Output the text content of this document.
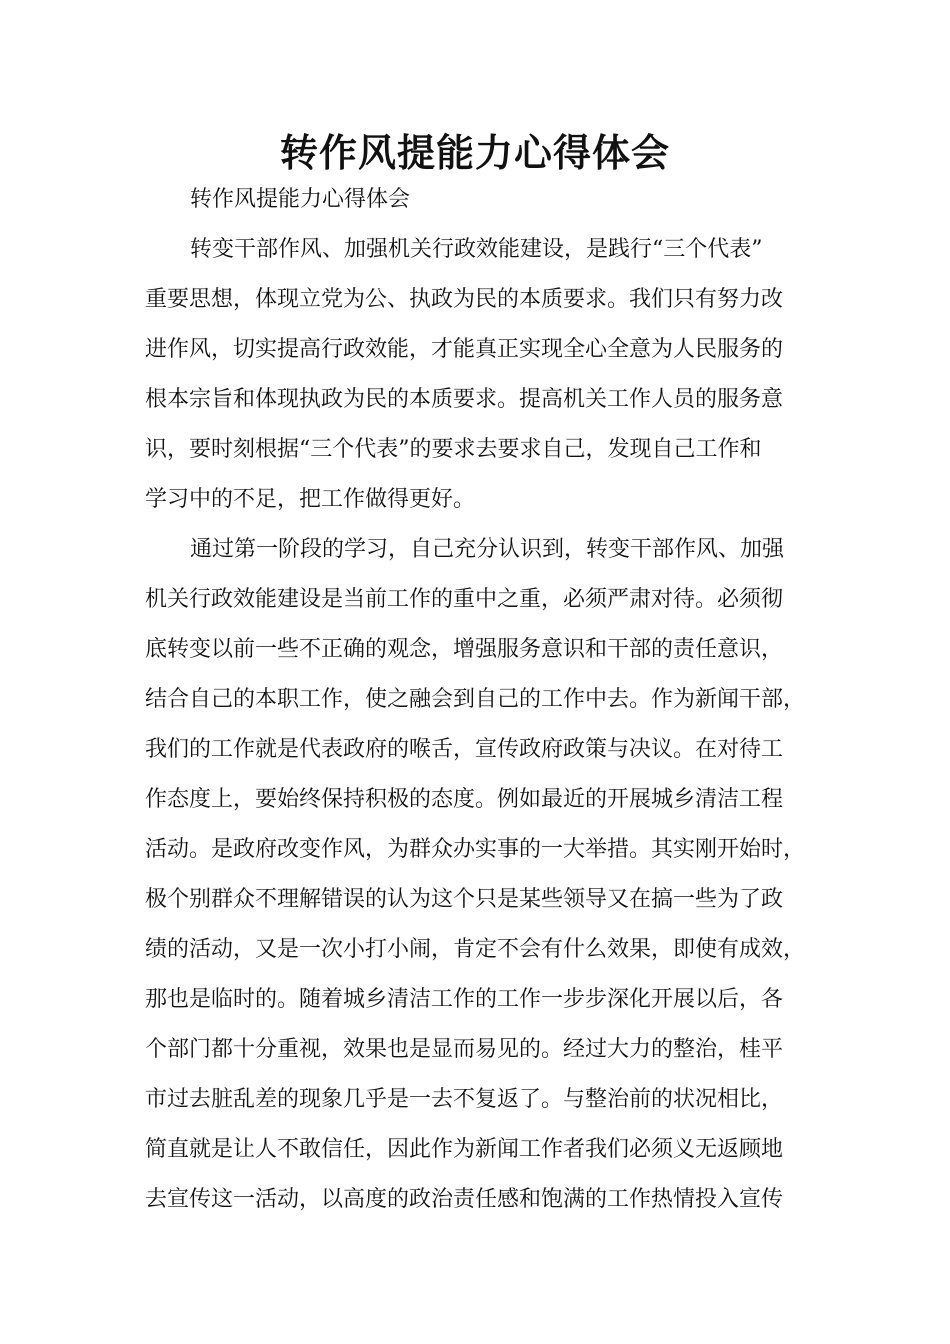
转作风提能力心得体会
转作风提能力心得体会
转变干部作风、加强机关行政效能建设，是践行“三个代表”
重要思想，体现立党为公、执政为民的本质要求。我们只有努力改
进作风，切实提高行政效能，才能真正实现全心全意为人民服务的
根本宗旨和体现执政为民的本质要求。提高机关工作人员的服务意
识，要时刻根据“三个代表”的要求去要求自己，发现自己工作和
学习中的不足，把工作做得更好。
通过第一阶段的学习，自己充分认识到，转变干部作风、加强
机关行政效能建设是当前工作的重中之重，必须严肃对待。必须彻
底转变以前一些不正确的观念，增强服务意识和干部的责任意识，
结合自己的本职工作，使之融会到自己的工作中去。作为新闻干部，
我们的工作就是代表政府的喉舌，宣传政府政策与决议。在对待工
作态度上，要始终保持积极的态度。例如最近的开展城乡清洁工程
活动。是政府改变作风，为群众办实事的一大举措。其实刚开始时，
极个别群众不理解错误的认为这个只是某些领导又在搞一些为了政
绩的活动，又是一次小打小闹，肯定不会有什么效果，即使有成效，
那也是临时的。随着城乡清洁工作的工作一步步深化开展以后，各
个部门都十分重视，效果也是显而易见的。经过大力的整治，桂平
市过去脏乱差的现象几乎是一去不复返了。与整治前的状况相比，
简直就是让人不敢信任，因此作为新闻工作者我们必须义无返顾地
去宣传这一活动，以高度的政治责任感和饱满的工作热情投入宣传
